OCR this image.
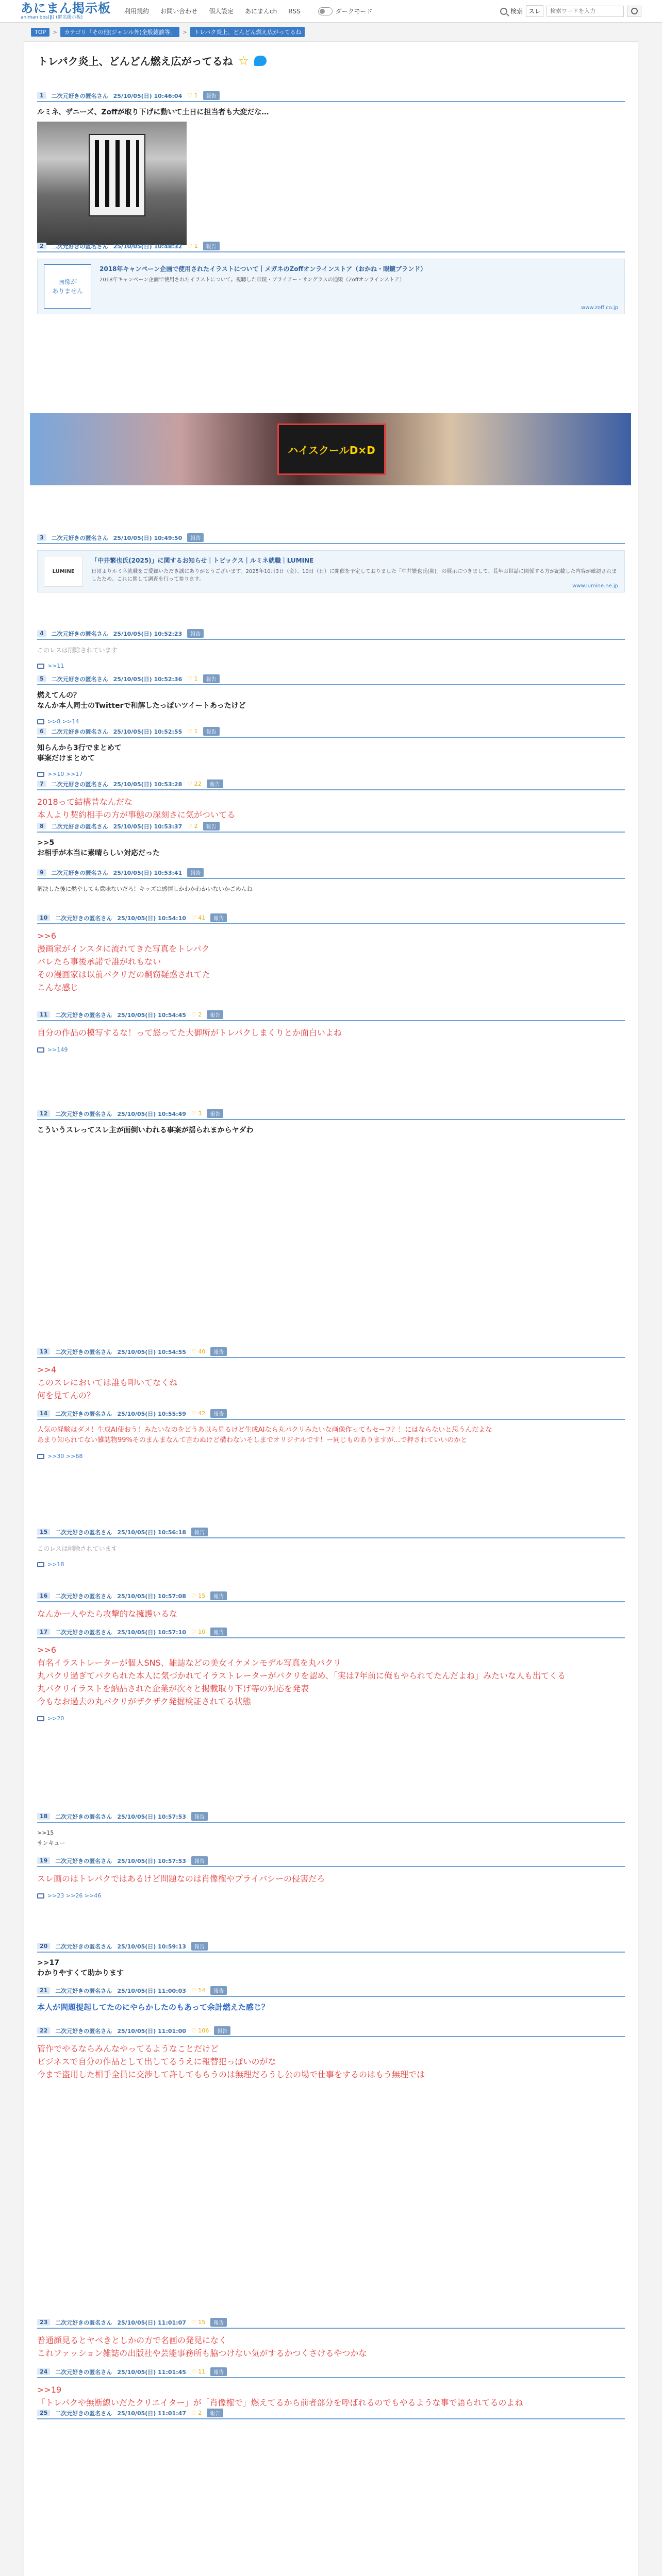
あにまん掲示板
animan bbs(β) (匿名掲示板)
利用規約 お問い合わせ 個人設定 あにまんch RSS	ダークモード	検索 スレ
検索ワードを入力
TOP	>	カテゴリ「その他(ジャンル外)全般雑談等」	>	トレパク炎上、どんどん燃え広がってるね
トレパク炎上、どんどん燃え広がってるね ☆
ハイスクールD×D
1	二次元好きの匿名さん 25/10/05(日) 10:46:04 ♡ 1	報告
ルミネ、ザニーズ、Zoffが取り下げに動いて土日に担当者も大変だな…
2	二次元好きの匿名さん 25/10/05(日) 10:48:32 ♡ 1	報告
画像が
ありません
2018年キャンペーン企画で使用されたイラストについて｜メガネのZoffオンラインストア（おかね・眼鏡ブランド）
2018年キャンペーン企画で使用されたイラストについて。視聴した眼鏡・ブライアー・サングラスの通販（Zoffオンラインストア）
www.zoff.co.jp
3	二次元好きの匿名さん 25/10/05(日) 10:49:50	報告
LUMINE
「中井繁也氏(2025)」に関するお知らせ｜トピックス｜ルミネ就職｜LUMINE
日頃よりルミネ就職をご愛顧いただき誠にありがとうございます。2025年10月3日（金）、10日（日）に開催を予定しておりました「中井繁也氏(期)」の展示につきまして、長年お世話に関係する方が記載した内容が確認されましたため、これに関して調査を行って参ります。
www.lumine.ne.jp
4	二次元好きの匿名さん 25/10/05(日) 10:52:23	報告
このレスは削除されています
>>11
5	二次元好きの匿名さん 25/10/05(日) 10:52:36 ♡ 1	報告
燃えてんの？
なんか本人同士のTwitterで和解したっぽいツイートあったけど
>>8 >>14
6	二次元好きの匿名さん 25/10/05(日) 10:52:55 ♡ 1	報告
知らんから3行でまとめて
事案だけまとめて
>>10 >>17
7	二次元好きの匿名さん 25/10/05(日) 10:53:28 ♡ 22	報告
2018って結構昔なんだな
本人より契約相手の方が事態の深刻さに気がついてる
8	二次元好きの匿名さん 25/10/05(日) 10:53:37 ♡ 2	報告
>>5
お相手が本当に素晴らしい対応だった
9	二次元好きの匿名さん 25/10/05(日) 10:53:41	報告
解決した後に燃やしても意味ないだろ！キッズは感情しかわかわかいないかごめんね
10	二次元好きの匿名さん 25/10/05(日) 10:54:10 ♡ 41	報告
>>6
漫画家がインスタに流れてきた写真をトレパク
バレたら事後承諾で誰がれもない
その漫画家は以前パクリだの剽窃疑惑されてた
こんな感じ
11	二次元好きの匿名さん 25/10/05(日) 10:54:45 ♡ 2	報告
自分の作品の模写するな！って怒ってた大御所がトレパクしまくりとか面白いよね
>>149
12	二次元好きの匿名さん 25/10/05(日) 10:54:49 ♡ 3	報告
こういうスレってスレ主が面倒いわれる事案が揺られまからヤダわ
13	二次元好きの匿名さん 25/10/05(日) 10:54:55 ♡ 40	報告
>>4
このスレにおいては誰も叩いてなくね
何を見てんの？
14	二次元好きの匿名さん 25/10/05(日) 10:55:59 ♡ 42	報告
人気の経験はダメ！生成AI使おう！みたいなのをどうあ以ら見るけど生成AIなら丸パクリみたいな画像作ってもセーフ？！にはならないと思うんだよな
あまり知られてない雑誌物99%そのまんまなんて言わぬけど構わないそしまでオリジナルです！ー同じものありますが…で押されていいのかと
>>30 >>68
15	二次元好きの匿名さん 25/10/05(日) 10:56:18	報告
このレスは削除されています
>>18
16	二次元好きの匿名さん 25/10/05(日) 10:57:08 ♡ 15	報告
なんか一人やたら攻撃的な擁護いるな
17	二次元好きの匿名さん 25/10/05(日) 10:57:10 ♡ 10	報告
>>6
有名イラストレーターが個人SNS、雑誌などの美女イケメンモデル写真を丸パクリ
丸パクリ過ぎてパクられた本人に気づかれてイラストレーターがパクリを認め、「実は7年前に俺もやられてたんだよね」みたいな人も出てくる
丸パクリイラストを納品された企業が次々と掲載取り下げ等の対応を発表
今もなお過去の丸パクリがザクザク発掘検証されてる状態
>>20
18	二次元好きの匿名さん 25/10/05(日) 10:57:53	報告
>>15
サンキュー
19	二次元好きの匿名さん 25/10/05(日) 10:57:53	報告
スレ画のはトレパクではあるけど問題なのは肖像権やプライバシーの侵害だろ
>>23 >>26 >>46
20	二次元好きの匿名さん 25/10/05(日) 10:59:13	報告
>>17
わかりやすくて助かります
21	二次元好きの匿名さん 25/10/05(日) 11:00:03 ♡ 14	報告
本人が問題提起してたのにやらかしたのもあって余計燃えた感じ？
22	二次元好きの匿名さん 25/10/05(日) 11:01:00 ♡ 106	報告
管作でやるならみんなやってるようなことだけど
ビジネスで自分の作品として出してるうえに報替犯っぽいのがな
今まで盗用した相手全員に交渉して許してもらうのは無理だろうし公の場で仕事をするのはもう無理では
23	二次元好きの匿名さん 25/10/05(日) 11:01:07 ♡ 15	報告
普通顔見るとヤベきとしかの方で名画の発見になく
これファッション雑誌の出版社や芸能事務所も脇つけない気がするかつくさけるやつかな
24	二次元好きの匿名さん 25/10/05(日) 11:01:45 ♡ 11	報告
>>19
「トレパクや無断線いだたクリエイター」が「肖像権で」燃えてるから前者部分を呼ばれるのでもやるような事で語られてるのよね
25	二次元好きの匿名さん 25/10/05(日) 11:01:47 ♡ 2	報告
